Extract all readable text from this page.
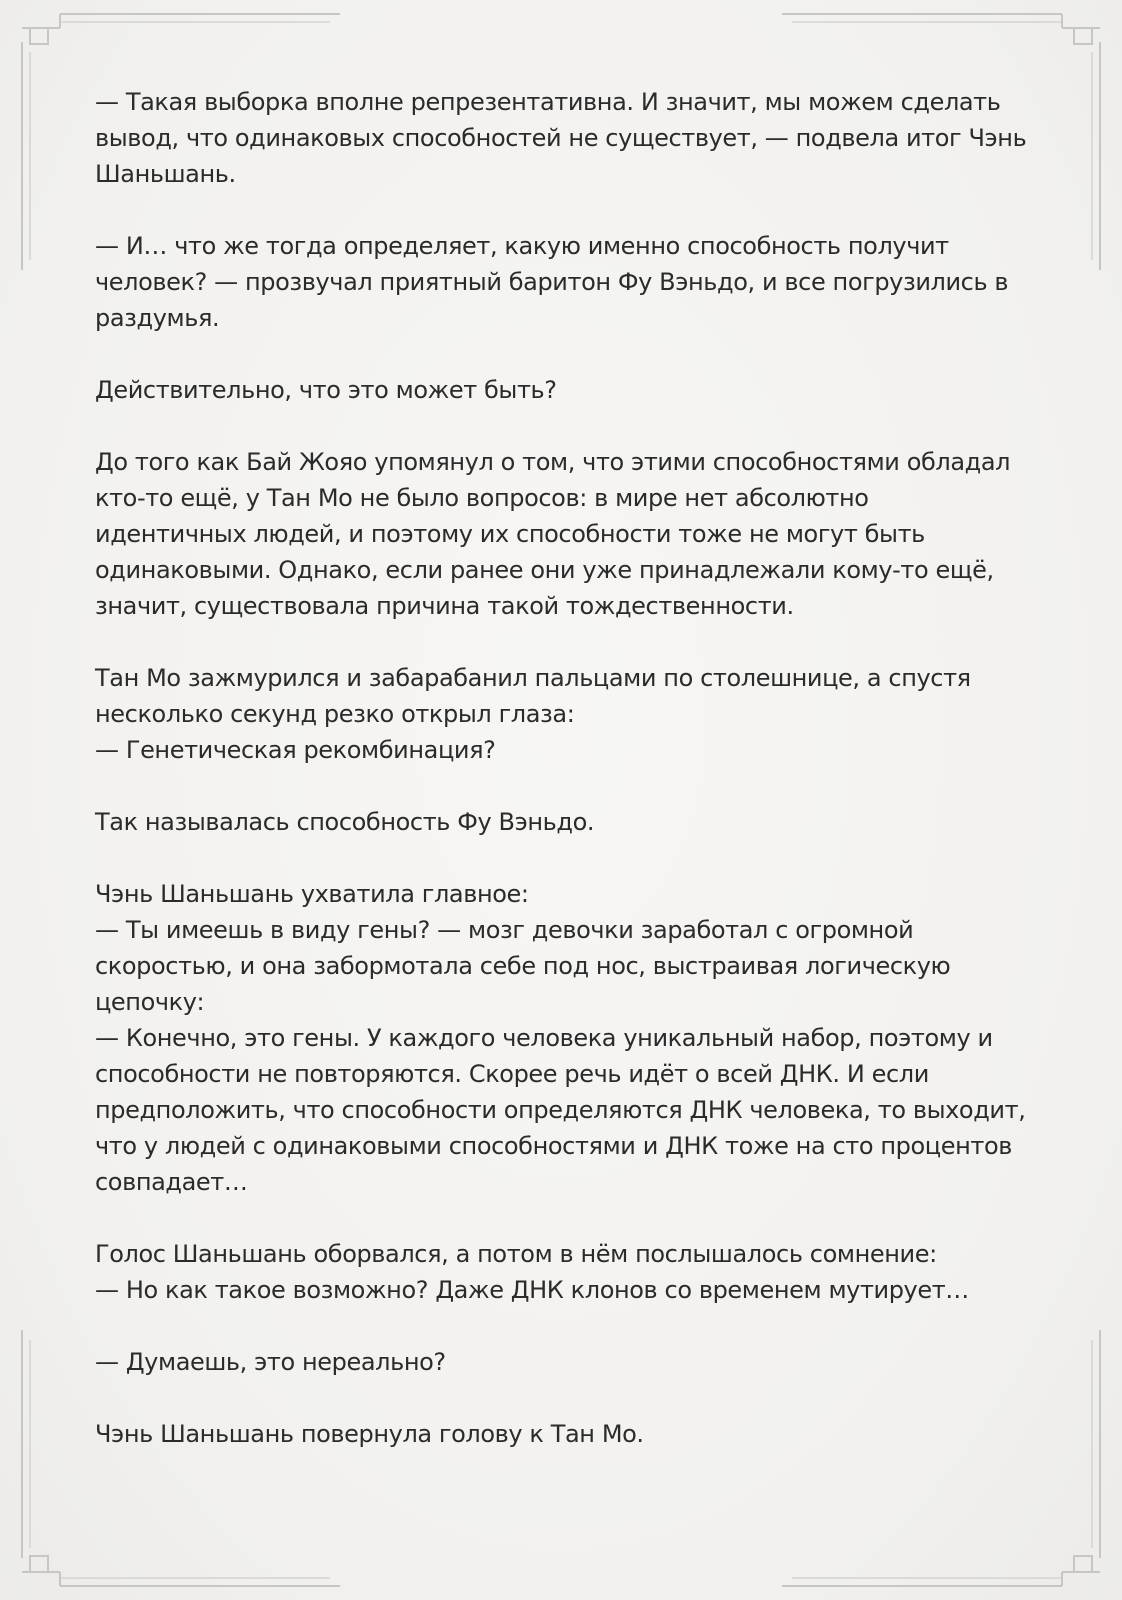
— Такая выборка вполне репрезентативна. И значит, мы можем сделать
вывод, что одинаковых способностей не существует, — подвела итог Чэнь
Шаньшань.

— И… что же тогда определяет, какую именно способность получит
человек? — прозвучал приятный баритон Фу Вэньдо, и все погрузились в
раздумья.

Действительно, что это может быть?

До того как Бай Жояо упомянул о том, что этими способностями обладал
кто-то ещё, у Тан Мо не было вопросов: в мире нет абсолютно
идентичных людей, и поэтому их способности тоже не могут быть
одинаковыми. Однако, если ранее они уже принадлежали кому-то ещё,
значит, существовала причина такой тождественности.

Тан Мо зажмурился и забарабанил пальцами по столешнице, а спустя
несколько секунд резко открыл глаза:
— Генетическая рекомбинация?

Так называлась способность Фу Вэньдо.

Чэнь Шаньшань ухватила главное:
— Ты имеешь в виду гены? — мозг девочки заработал с огромной
скоростью, и она забормотала себе под нос, выстраивая логическую
цепочку:
— Конечно, это гены. У каждого человека уникальный набор, поэтому и
способности не повторяются. Скорее речь идёт о всей ДНК. И если
предположить, что способности определяются ДНК человека, то выходит,
что у людей с одинаковыми способностями и ДНК тоже на сто процентов
совпадает…

Голос Шаньшань оборвался, а потом в нём послышалось сомнение:
— Но как такое возможно? Даже ДНК клонов со временем мутирует…

— Думаешь, это нереально?

Чэнь Шаньшань повернула голову к Тан Мо.
